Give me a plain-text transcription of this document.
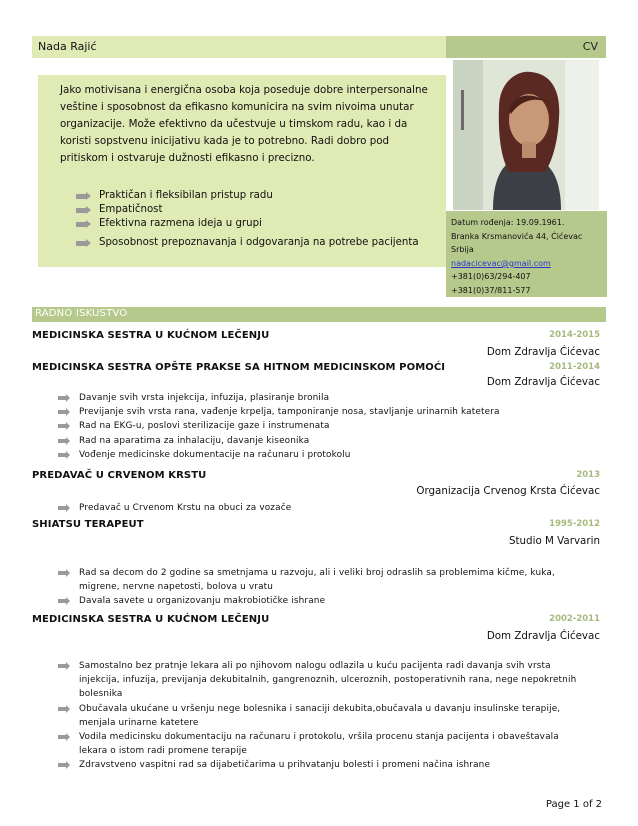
Nada Rajić	CV
Jako motivisana i energična osoba koja poseduje dobre interpersonalne veštine i sposobnost da efikasno komunicira na svim nivoima unutar organizacije. Može efektivno da učestvuje u timskom radu, kao i da koristi sopstvenu inicijativu kada je to potrebno. Radi dobro pod pritiskom i ostvaruje dužnosti efikasno i precizno.
Praktičan i fleksibilan pristup radu
Empatičnost
Efektivna razmena ideja u grupi
Sposobnost prepoznavanja i odgovaranja na potrebe pacijenta
Datum rođenja: 19.09.1961.
Branka Krsmanovića 44, Ćićevac
Srbija
nadacicevac@gmail.com
+381(0)63/294-407
+381(0)37/811-577
RADNO ISKUSTVO
MEDICINSKA SESTRA U KUĆNOM LEČENJU	2014-2015
Dom Zdravlja Ćićevac
MEDICINSKA SESTRA OPŠTE PRAKSE SA HITNOM MEDICINSKOM POMOĆI	2011-2014
Dom Zdravlja Ćićevac
Davanje svih vrsta injekcija, infuzija, plasiranje bronila
Previjanje svih vrsta rana, vađenje krpelja, tamponiranje nosa, stavljanje urinarnih katetera
Rad na EKG-u, poslovi sterilizacije gaze i instrumenata
Rad na aparatima za inhalaciju, davanje kiseonika
Vođenje medicinske dokumentacije na računaru i protokolu
PREDAVAČ U CRVENOM KRSTU	2013
Organizacija Crvenog Krsta Ćićevac
Predavač u Crvenom Krstu na obuci za vozače
SHIATSU TERAPEUT	1995-2012
Studio M Varvarin
Rad sa decom do 2 godine sa smetnjama u razvoju, ali i veliki broj odraslih sa problemima kičme, kuka, migrene, nervne napetosti, bolova u vratu
Davala savete u organizovanju makrobiotičke ishrane
MEDICINSKA SESTRA U KUĆNOM LEČENJU	2002-2011
Dom Zdravlja Ćićevac
Samostalno bez pratnje lekara ali po njihovom nalogu odlazila u kuću pacijenta radi davanja svih vrsta injekcija, infuzija, previjanja dekubitalnih, gangrenoznih, ulceroznih, postoperativnih rana, nege nepokretnih bolesnika
Obučavala ukućane u vršenju nege bolesnika i sanaciji dekubita,obučavala u davanju insulinske terapije, menjala urinarne katetere
Vodila medicinsku dokumentaciju na računaru i protokolu, vršila procenu stanja pacijenta i obaveštavala lekara o istom radi promene terapije
Zdravstveno vaspitni rad sa dijabetičarima u prihvatanju bolesti i promeni načina ishrane
Page 1 of 2
